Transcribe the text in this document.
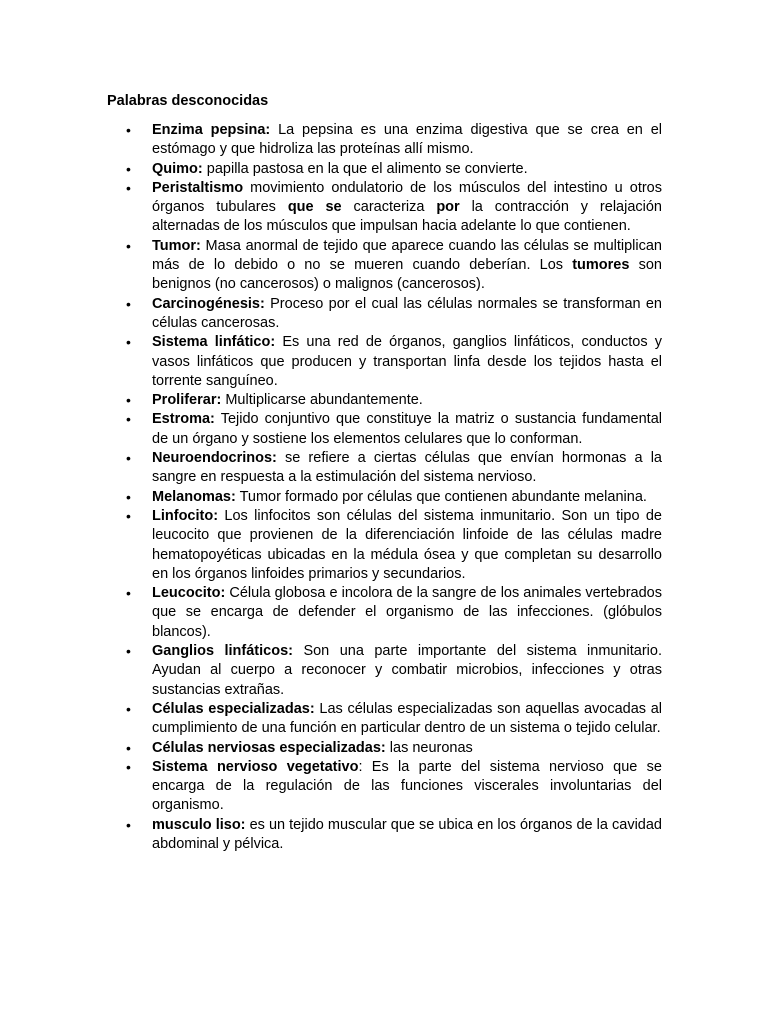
Palabras desconocidas
• Enzima pepsina: La pepsina es una enzima digestiva que se crea en el estómago y que hidroliza las proteínas allí mismo.
• Quimo: papilla pastosa en la que el alimento se convierte.
• Peristaltismo movimiento ondulatorio de los músculos del intestino u otros órganos tubulares que se caracteriza por la contracción y relajación alternadas de los músculos que impulsan hacia adelante lo que contienen.
• Tumor: Masa anormal de tejido que aparece cuando las células se multiplican más de lo debido o no se mueren cuando deberían. Los tumores son benignos (no cancerosos) o malignos (cancerosos).
• Carcinogénesis: Proceso por el cual las células normales se transforman en células cancerosas.
• Sistema linfático: Es una red de órganos, ganglios linfáticos, conductos y vasos linfáticos que producen y transportan linfa desde los tejidos hasta el torrente sanguíneo.
• Proliferar: Multiplicarse abundantemente.
• Estroma: Tejido conjuntivo que constituye la matriz o sustancia fundamental de un órgano y sostiene los elementos celulares que lo conforman.
• Neuroendocrinos: se refiere a ciertas células que envían hormonas a la sangre en respuesta a la estimulación del sistema nervioso.
• Melanomas: Tumor formado por células que contienen abundante melanina.
• Linfocito: Los linfocitos son células del sistema inmunitario. Son un tipo de leucocito que provienen de la diferenciación linfoide de las células madre hematopoyéticas ubicadas en la médula ósea y que completan su desarrollo en los órganos linfoides primarios y secundarios.
• Leucocito: Célula globosa e incolora de la sangre de los animales vertebrados que se encarga de defender el organismo de las infecciones. (glóbulos blancos).
• Ganglios linfáticos: Son una parte importante del sistema inmunitario. Ayudan al cuerpo a reconocer y combatir microbios, infecciones y otras sustancias extrañas.
• Células especializadas: Las células especializadas son aquellas avocadas al cumplimiento de una función en particular dentro de un sistema o tejido celular.
• Células nerviosas especializadas: las neuronas
• Sistema nervioso vegetativo: Es la parte del sistema nervioso que se encarga de la regulación de las funciones viscerales involuntarias del organismo.
• musculo liso: es un tejido muscular que se ubica en los órganos de la cavidad abdominal y pélvica.
